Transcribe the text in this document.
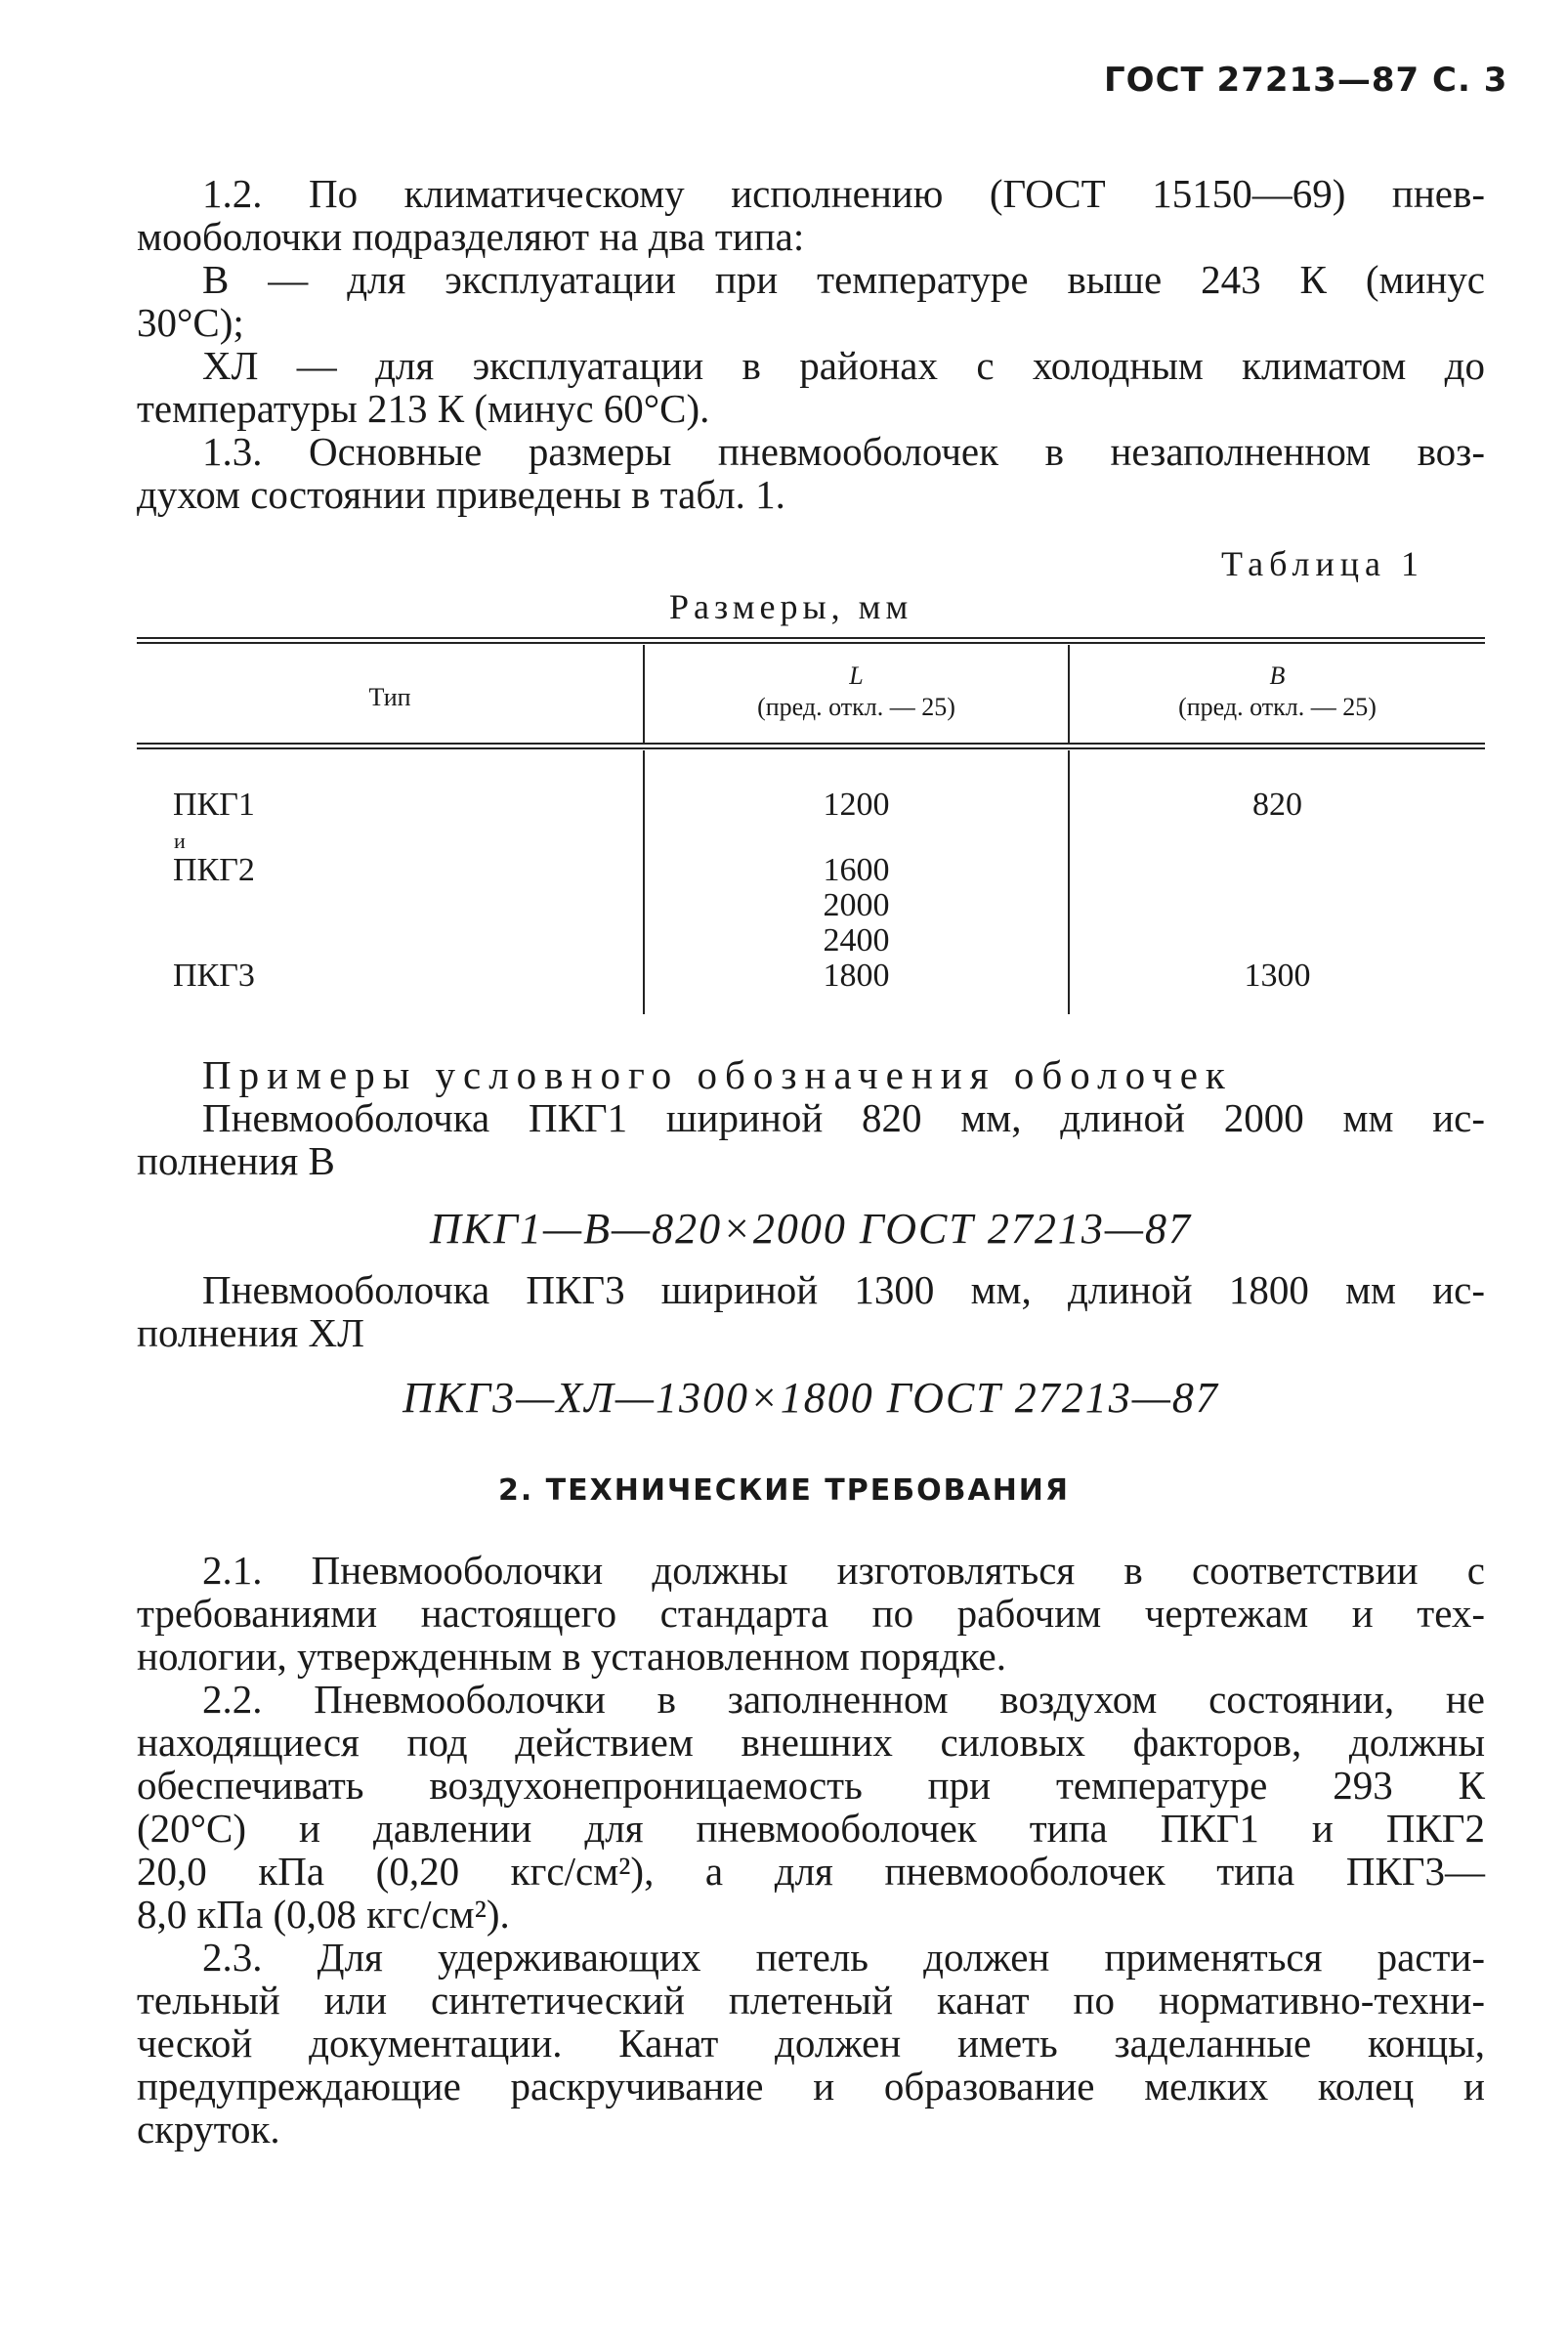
ГОСТ 27213—87 С. 3
1.2. По климатическому исполнению (ГОСТ 15150—69) пнев-
мооболочки подразделяют на два типа:
В — для эксплуатации при температуре выше 243 К (минус
30°С);
ХЛ — для эксплуатации в районах с холодным климатом до
температуры 213 К (минус 60°С).
1.3. Основные размеры пневмооболочек в незаполненном воз-
духом состоянии приведены в табл. 1.
Таблица 1
Размеры, мм
Тип
L
(пред. откл. — 25)
B
(пред. откл. — 25)
ПКГ1
и
ПКГ2
ПКГ3
1200
1600
2000
2400
1800
820
1300
Примеры условного обозначения оболочек
Пневмооболочка ПКГ1 шириной 820 мм, длиной 2000 мм ис-
полнения В
ПКГ1—В—820×2000 ГОСТ 27213—87
Пневмооболочка ПКГ3 шириной 1300 мм, длиной 1800 мм ис-
полнения ХЛ
ПКГ3—ХЛ—1300×1800 ГОСТ 27213—87
2. ТЕХНИЧЕСКИЕ ТРЕБОВАНИЯ
2.1. Пневмооболочки должны изготовляться в соответствии с
требованиями настоящего стандарта по рабочим чертежам и тех-
нологии, утвержденным в установленном порядке.
2.2. Пневмооболочки в заполненном воздухом состоянии, не
находящиеся под действием внешних силовых факторов, должны
обеспечивать воздухонепроницаемость при температуре 293 К
(20°С) и давлении для пневмооболочек типа ПКГ1 и ПКГ2
20,0 кПа (0,20 кгс/см²), а для пневмооболочек типа ПКГ3—
8,0 кПа (0,08 кгс/см²).
2.3. Для удерживающих петель должен применяться расти-
тельный или синтетический плетеный канат по нормативно-техни-
ческой документации. Канат должен иметь заделанные концы,
предупреждающие раскручивание и образование мелких колец и
скруток.
